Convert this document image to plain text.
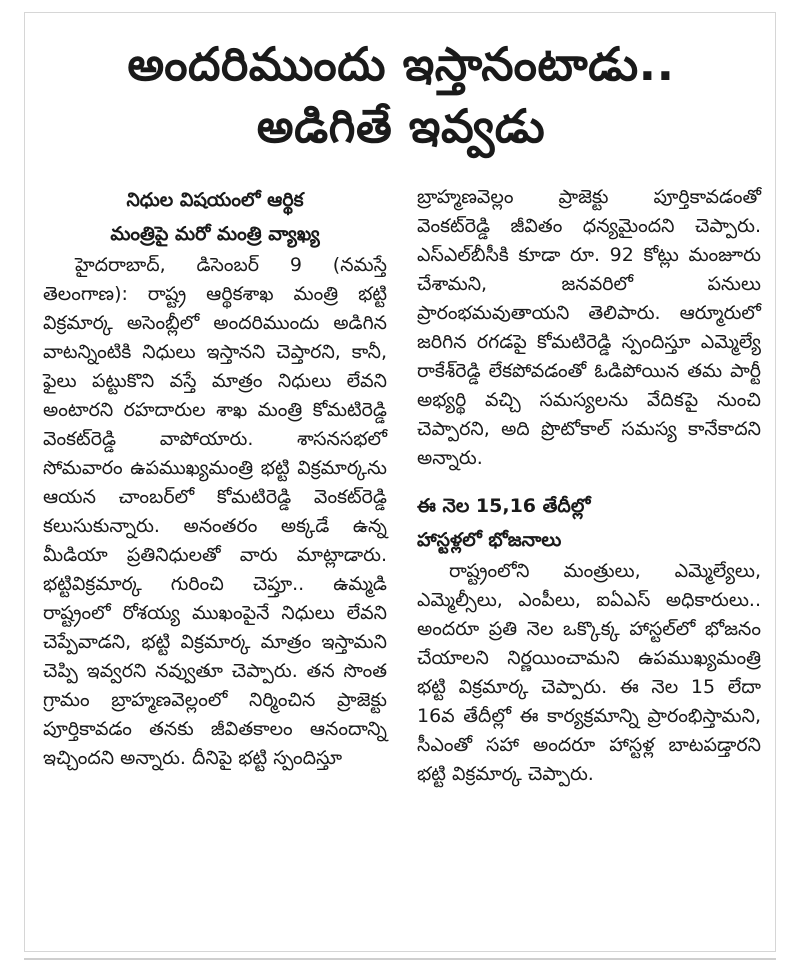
అందరిముందు ఇస్తానంటాడు..
అడిగితే ఇవ్వడు
నిధుల విషయంలో ఆర్థిక
మంత్రిపై మరో మంత్రి వ్యాఖ్య

హైదరాబాద్, డిసెంబర్ 9 (నమస్తే తెలంగాణ): రాష్ట్ర ఆర్థికశాఖ మంత్రి భట్టి విక్రమార్క అసెంబ్లీలో అందరిముందు అడిగిన వాటన్నింటికి నిధులు ఇస్తానని చెప్తారని, కానీ, ఫైలు పట్టుకొని వస్తే మాత్రం నిధులు లేవని అంటారని రహదారుల శాఖ మంత్రి కోమటిరెడ్డి వెంకట్‌రెడ్డి వాపోయారు. శాసనసభలో సోమవారం ఉపముఖ్యమంత్రి భట్టి విక్రమార్కను ఆయన చాంబర్‌లో కోమటిరెడ్డి వెంకట్‌రెడ్డి కలుసుకున్నారు. అనంతరం అక్కడే ఉన్న మీడియా ప్రతినిధులతో వారు మాట్లాడారు. భట్టివిక్రమార్క గురించి చెప్తూ.. ఉమ్మడి రాష్ట్రంలో రోశయ్య ముఖంపైనే నిధులు లేవని చెప్పేవాడని, భట్టి విక్రమార్క మాత్రం ఇస్తామని చెప్పి ఇవ్వరని నవ్వుతూ చెప్పారు. తన సొంత గ్రామం బ్రాహ్మణవెల్లంలో నిర్మించిన ప్రాజెక్టు పూర్తికావడం తనకు జీవితకాలం ఆనందాన్ని ఇచ్చిందని అన్నారు. దీనిపై భట్టి స్పందిస్తూ

బ్రాహ్మణవెల్లం ప్రాజెక్టు పూర్తికావడంతో వెంకట్‌రెడ్డి జీవితం ధన్యమైందని చెప్పారు. ఎస్‌ఎల్‌బీసీకి కూడా రూ. 92 కోట్లు మంజూరు చేశామని, జనవరిలో పనులు ప్రారంభమవుతాయని తెలిపారు. ఆర్మూరులో జరిగిన రగడపై కోమటిరెడ్డి స్పందిస్తూ ఎమ్మెల్యే రాకేశ్‌రెడ్డి లేకపోవడంతో ఓడిపోయిన తమ పార్టీ అభ్యర్థి వచ్చి సమస్యలను వేదికపై నుంచి చెప్పారని, అది ప్రొటోకాల్ సమస్య కానేకాదని అన్నారు.

ఈ నెల 15,16 తేదీల్లో
హాస్టళ్లలో భోజనాలు

రాష్ట్రంలోని మంత్రులు, ఎమ్మెల్యేలు, ఎమ్మెల్సీలు, ఎంపీలు, ఐఏఎస్ అధికారులు.. అందరూ ప్రతి నెల ఒక్కొక్క హాస్టల్‌లో భోజనం చేయాలని నిర్ణయించామని ఉపముఖ్యమంత్రి భట్టి విక్రమార్క చెప్పారు. ఈ నెల 15 లేదా 16వ తేదీల్లో ఈ కార్యక్రమాన్ని ప్రారంభిస్తామని, సీఎంతో సహా అందరూ హాస్టళ్ల బాటపడ్తారని భట్టి విక్రమార్క చెప్పారు.
